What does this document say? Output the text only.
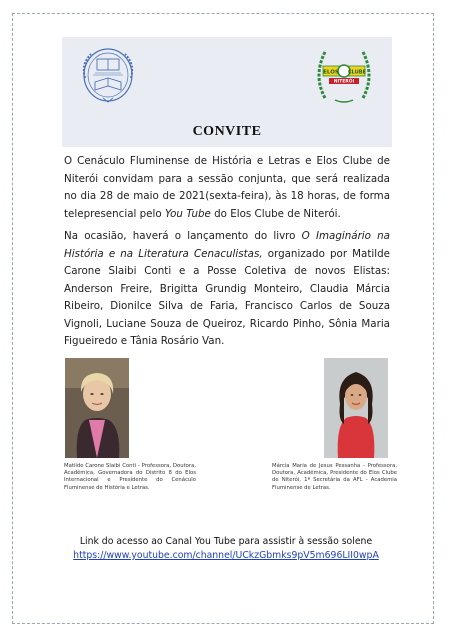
ELOS CLUBE
NITERÓI
CONVITE
O Cenáculo Fluminense de História e Letras e Elos Clube de Niterói convidam para a sessão conjunta, que será realizada no dia 28 de maio de 2021(sexta-feira), às 18 horas, de forma telepresencial pelo You Tube do Elos Clube de Niterói.
Na ocasião, haverá o lançamento do livro O Imaginário na História e na Literatura Cenaculistas, organizado por Matilde Carone Slaibi Conti e a Posse Coletiva de novos Elistas: Anderson Freire, Brigitta Grundig Monteiro, Claudia Márcia Ribeiro, Dionilce Silva de Faria, Francisco Carlos de Souza Vignoli, Luciane Souza de Queiroz, Ricardo Pinho, Sônia Maria Figueiredo e Tânia Rosário Van.
Matilde Carone Slaibi Conti - Professora, Doutora, Acadêmica, Governadora do Distrito 8 do Elos Internacional e Presidente do Cenáculo Fluminense de História e Letras.
Márcia Maria de Jesus Pessanha - Professora, Doutora, Acadêmica, Presidente do Elos Clube de Niterói, 1ª Secretária da AFL - Academia Fluminense de Letras.
Link do acesso ao Canal You Tube para assistir à sessão solene
https://www.youtube.com/channel/UCkzGbmks9pV5m696LII0wpA
